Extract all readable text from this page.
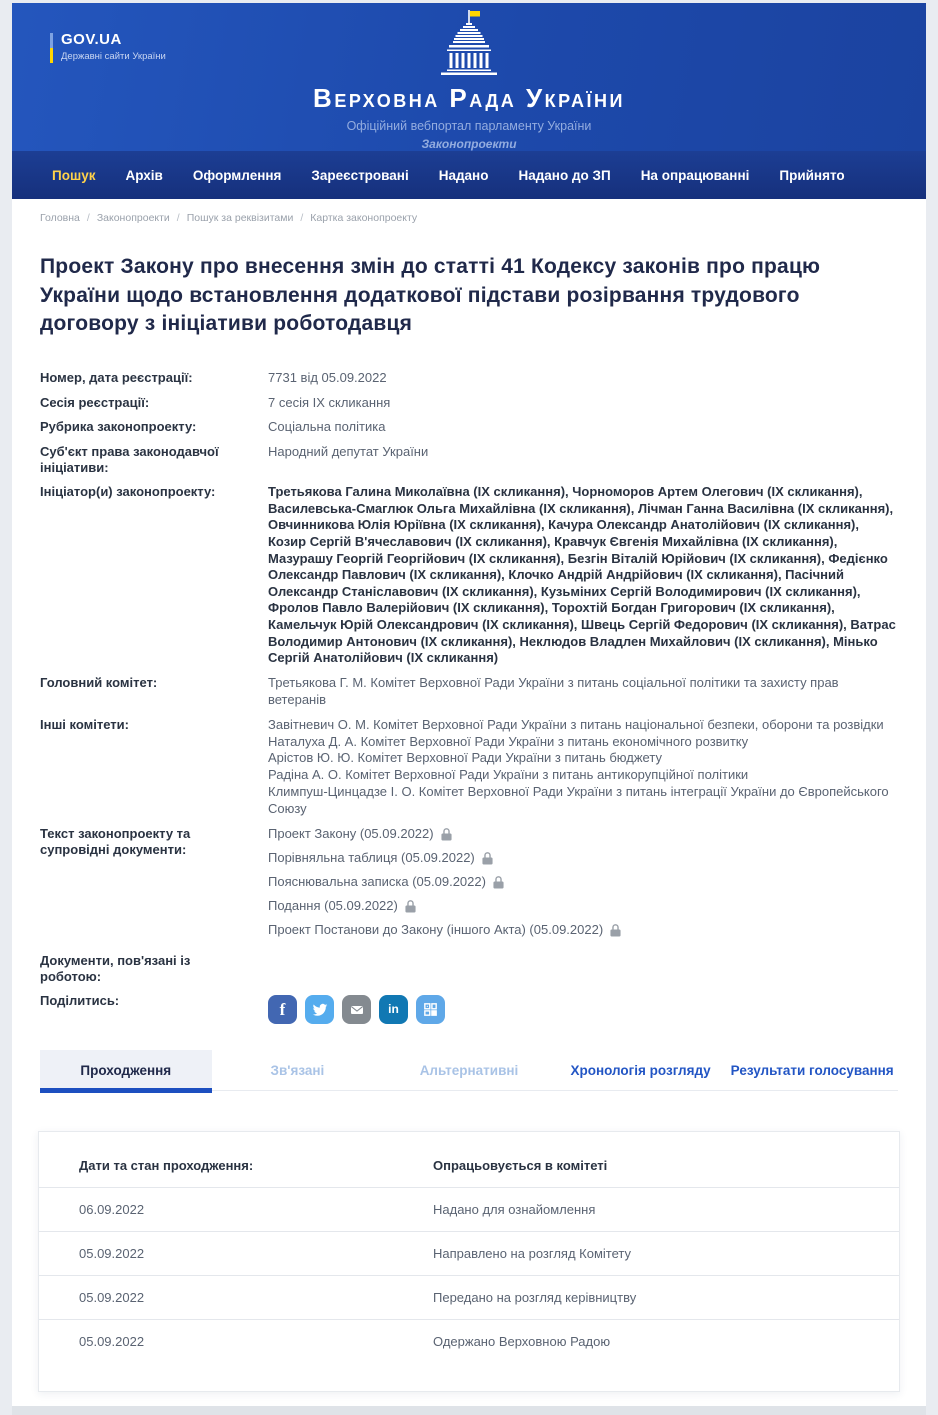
GOV.UA
Державні сайти України
Верховна Рада України
Офіційний вебпортал парламенту України
Законопроекти
Пошук Архів Оформлення Зареєстровані Надано Надано до ЗП На опрацюванні Прийнято
Головна / Законопроекти / Пошук за реквізитами / Картка законопроекту
Проект Закону про внесення змін до статті 41 Кодексу законів про працю України щодо встановлення додаткової підстави розірвання трудового договору з ініціативи роботодавця
Номер, дата реєстрації:	7731 від 05.09.2022
Сесія реєстрації:	7 сесія IX скликання
Рубрика законопроекту:	Соціальна політика
Суб'єкт права законодавчої ініціативи:
Народний депутат України
Ініціатор(и) законопроекту:	Третьякова Галина Миколаївна (IX скликання), Чорноморов Артем Олегович (IX скликання), Василевська-Смаглюк Ольга Михайлівна (IX скликання), Лічман Ганна Василівна (IX скликання), Овчинникова Юлія Юріївна (IX скликання), Качура Олександр Анатолійович (IX скликання), Козир Сергій В'ячеславович (IX скликання), Кравчук Євгенія Михайлівна (IX скликання), Мазурашу Георгій Георгійович (IX скликання), Безгін Віталій Юрійович (IX скликання), Федієнко Олександр Павлович (IX скликання), Клочко Андрій Андрійович (IX скликання), Пасічний Олександр Станіславович (IX скликання), Кузьміних Сергій Володимирович (IX скликання), Фролов Павло Валерійович (IX скликання), Торохтій Богдан Григорович (IX скликання), Камельчук Юрій Олександрович (IX скликання), Швець Сергій Федорович (IX скликання), Ватрас Володимир Антонович (IX скликання), Неклюдов Владлен Михайлович (IX скликання), Мінько Сергій Анатолійович (IX скликання)
Головний комітет:	Третьякова Г. М. Комітет Верховної Ради України з питань соціальної політики та захисту прав ветеранів
Інші комітети:	Завітневич О. М. Комітет Верховної Ради України з питань національної безпеки, оборони та розвідки
Наталуха Д. А. Комітет Верховної Ради України з питань економічного розвитку
Арістов Ю. Ю. Комітет Верховної Ради України з питань бюджету
Радіна А. О. Комітет Верховної Ради України з питань антикорупційної політики
Климпуш-Цинцадзе І. О. Комітет Верховної Ради України з питань інтеграції України до Європейського Союзу
Текст законопроекту та супровідні документи:
Проект Закону (05.09.2022)
Порівняльна таблиця (05.09.2022)
Пояснювальна записка (05.09.2022)
Подання (05.09.2022)
Проект Постанови до Закону (іншого Акта) (05.09.2022)
Документи, пов'язані із роботою:
Поділитись:	f	in
Проходження	Зв'язані	Альтернативні	Хронологія розгляду	Результати голосування
Дати та стан проходження:	Опрацьовується в комітеті
06.09.2022	Надано для ознайомлення
05.09.2022	Направлено на розгляд Комітету
05.09.2022	Передано на розгляд керівництву
05.09.2022	Одержано Верховною Радою
